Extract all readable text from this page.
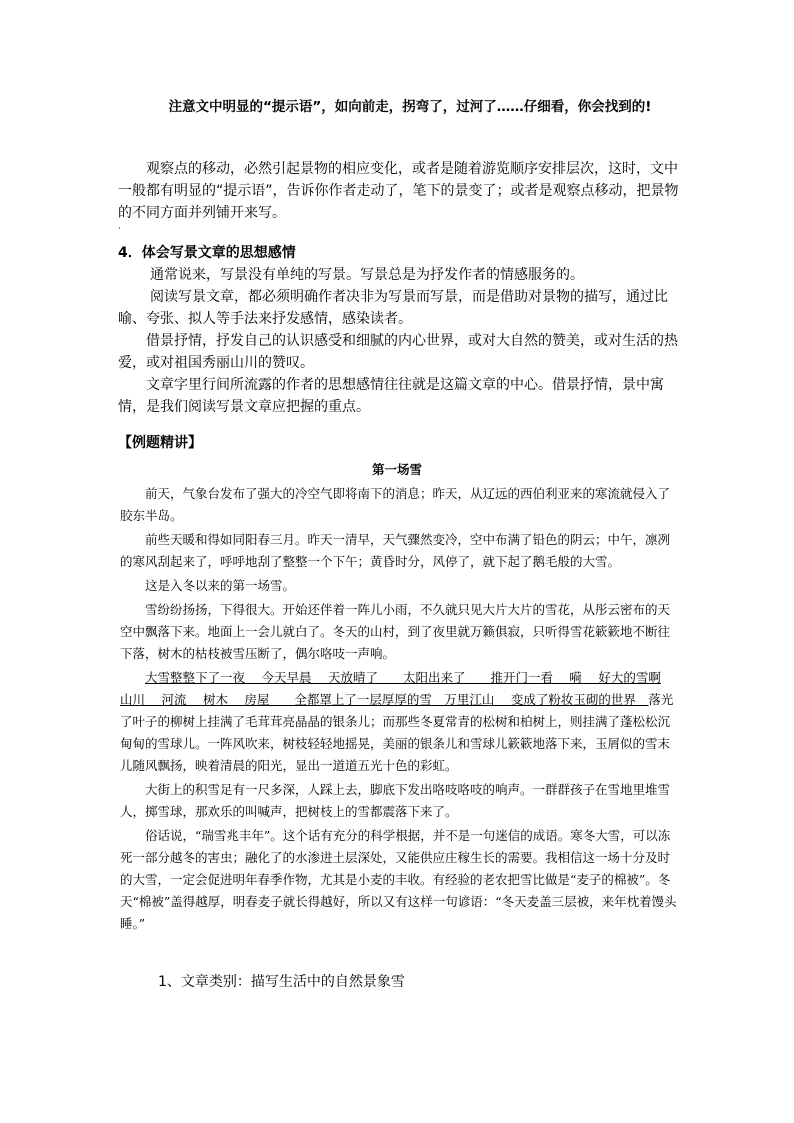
注意文中明显的“提示语”，如向前走，拐弯了，过河了……仔细看，你会找到的!

观察点的移动，必然引起景物的相应变化，或者是随着游览顺序安排层次，这时，文中一般都有明显的“提示语”，告诉你作者走动了，笔下的景变了；或者是观察点移动，把景物的不同方面并列铺开来写。

·
4．体会写景文章的思想感情

通常说来，写景没有单纯的写景。写景总是为抒发作者的情感服务的。

阅读写景文章，都必须明确作者决非为写景而写景，而是借助对景物的描写，通过比喻、夸张、拟人等手法来抒发感情，感染读者。

借景抒情，抒发自己的认识感受和细腻的内心世界，或对大自然的赞美，或对生活的热爱，或对祖国秀丽山川的赞叹。

文章字里行间所流露的作者的思想感情往往就是这篇文章的中心。借景抒情，景中寓情，是我们阅读写景文章应把握的重点。

【例题精讲】
第一场雪

前天，气象台发布了强大的冷空气即将南下的消息；昨天，从辽远的西伯利亚来的寒流就侵入了胶东半岛。

前些天暖和得如同阳春三月。昨天一清早，天气骤然变冷，空中布满了铅色的阴云；中午，凛冽的寒风刮起来了，呼呼地刮了整整一个下午；黄昏时分，风停了，就下起了鹅毛般的大雪。

这是入冬以来的第一场雪。

雪纷纷扬扬，下得很大。开始还伴着一阵儿小雨，不久就只见大片大片的雪花，从彤云密布的天空中飘落下来。地面上一会儿就白了。冬天的山村，到了夜里就万籁俱寂，只听得雪花簌簌地不断往下落，树木的枯枝被雪压断了，偶尔咯吱一声响。

大雪整整下了一夜　 今天早晨　 天放晴了　　太阳出来了　　推开门一看　 嗬　 好大的雪啊 山川　 河流　 树木　 房屋　　全都罩上了一层厚厚的雪　万里江山　 变成了粉妆玉砌的世界　落光了叶子的柳树上挂满了毛茸茸亮晶晶的银条儿；而那些冬夏常青的松树和柏树上，则挂满了蓬松松沉甸甸的雪球儿。一阵风吹来，树枝轻轻地摇晃，美丽的银条儿和雪球儿簌簌地落下来，玉屑似的雪末儿随风飘扬，映着清晨的阳光，显出一道道五光十色的彩虹。

大街上的积雪足有一尺多深，人踩上去，脚底下发出咯吱咯吱的响声。一群群孩子在雪地里堆雪人，掷雪球，那欢乐的叫喊声，把树枝上的雪都震落下来了。

俗话说，“瑞雪兆丰年”。这个话有充分的科学根据，并不是一句迷信的成语。寒冬大雪，可以冻死一部分越冬的害虫；融化了的水渗进土层深处，又能供应庄稼生长的需要。我相信这一场十分及时的大雪，一定会促进明年春季作物，尤其是小麦的丰收。有经验的老农把雪比做是“麦子的棉被”。冬天“棉被”盖得越厚，明春麦子就长得越好，所以又有这样一句谚语：“冬天麦盖三层被，来年枕着馒头睡。”

1、文章类别：描写生活中的自然景象雪
